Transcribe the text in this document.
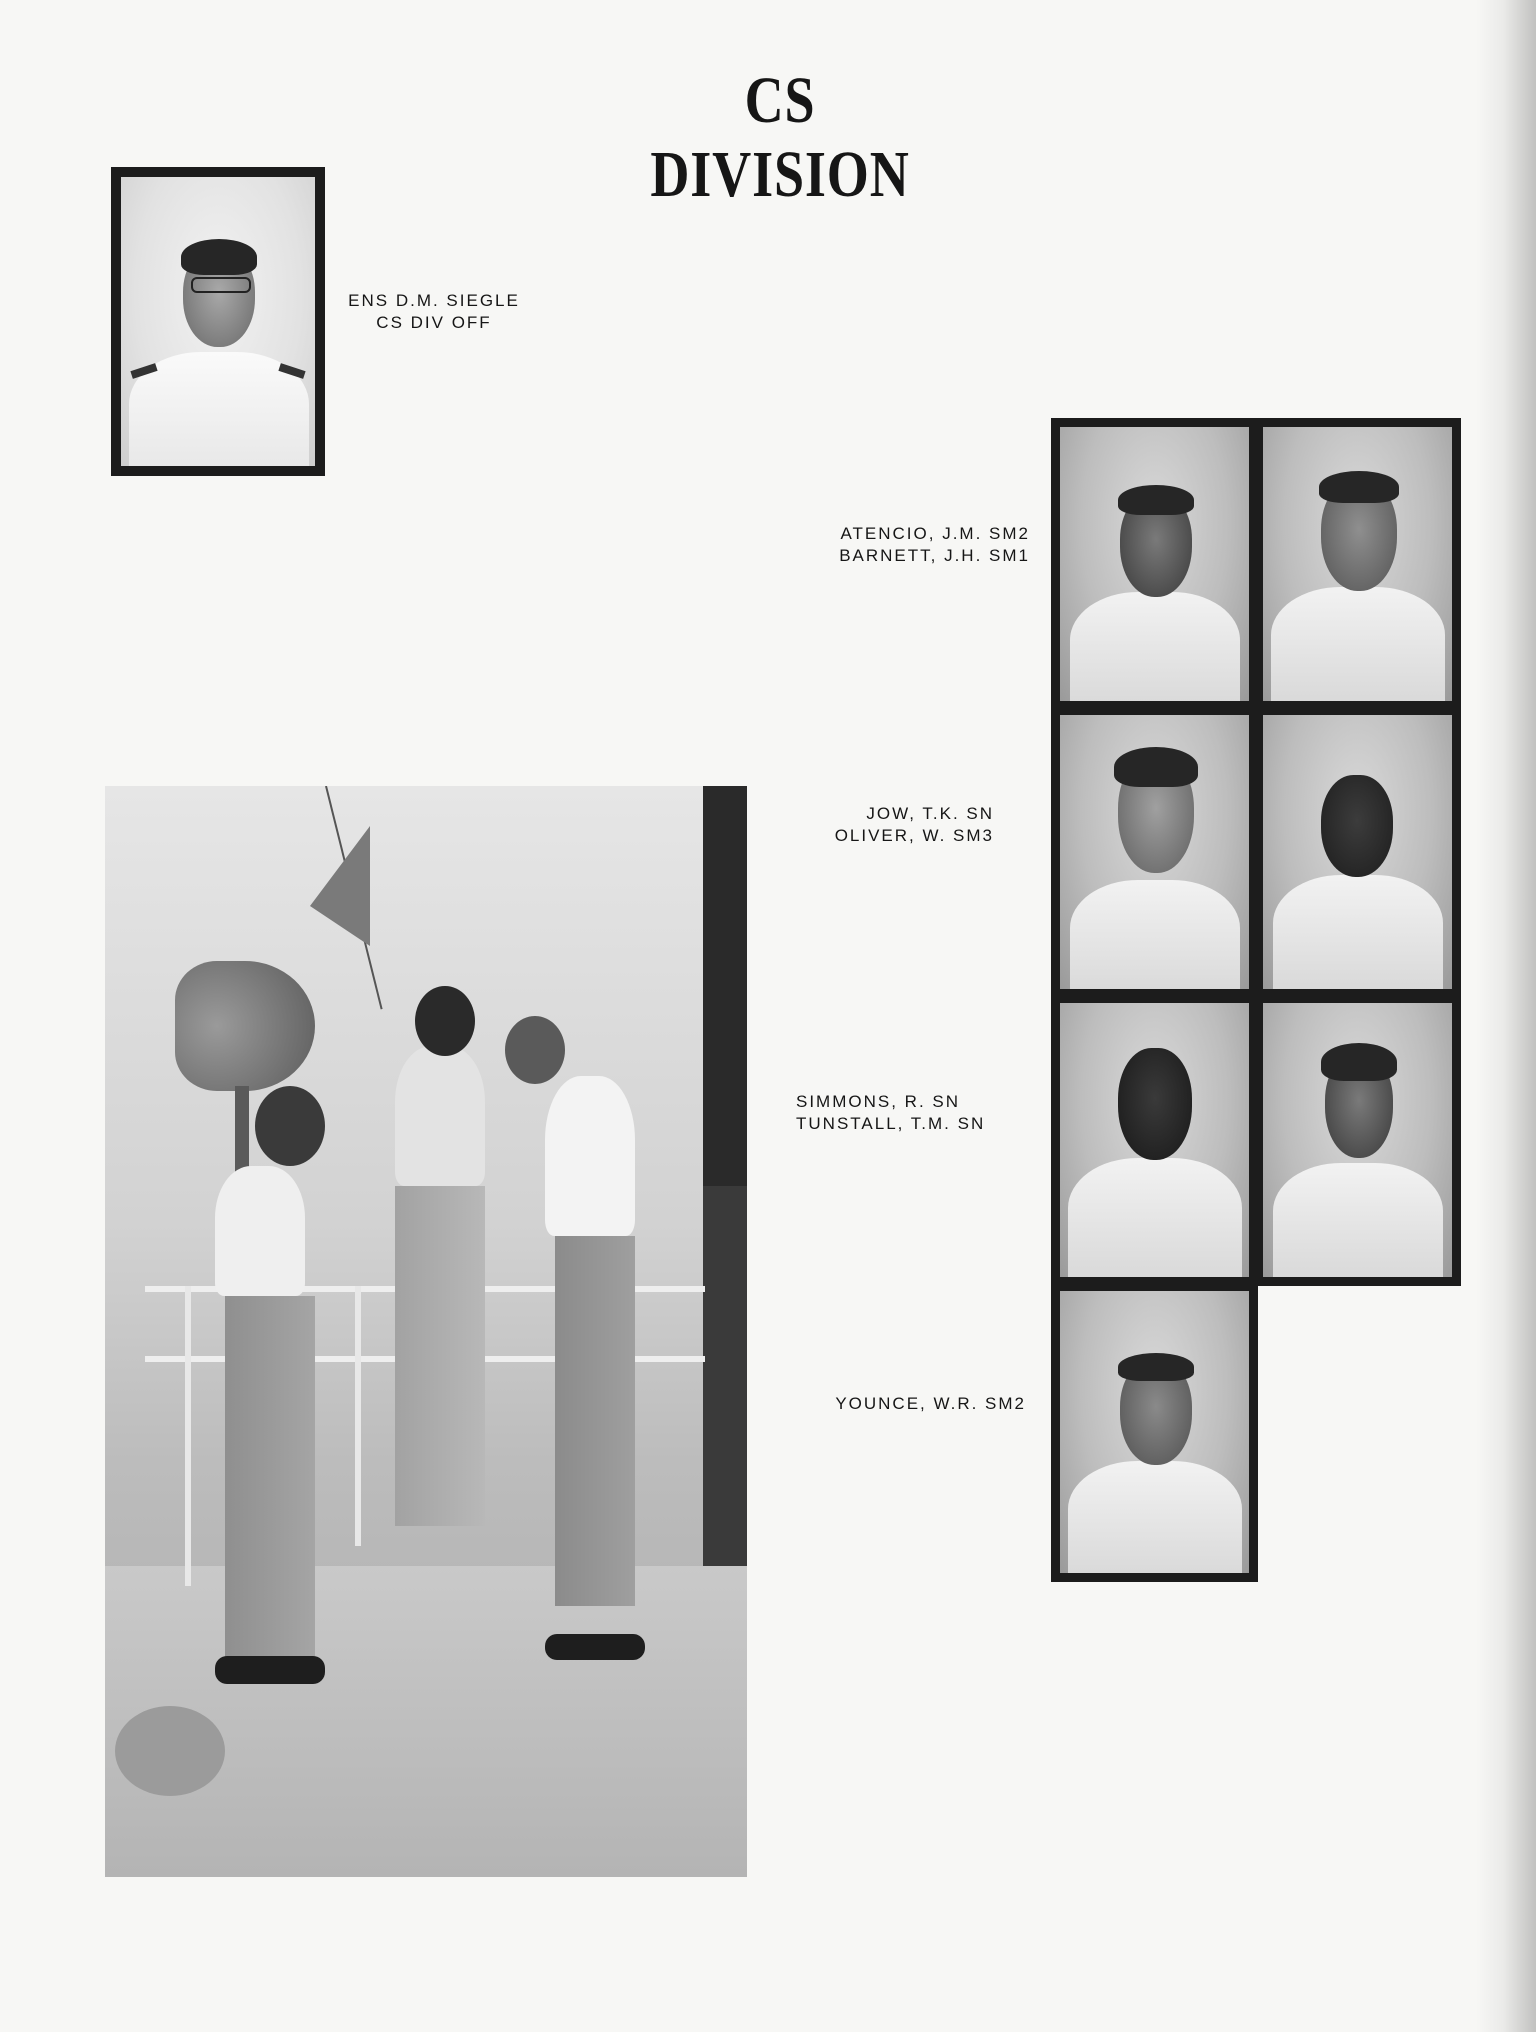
CS
DIVISION
ENS D.M. SIEGLE
CS DIV OFF
ATENCIO, J.M. SM2
BARNETT, J.H. SM1
JOW, T.K. SN
OLIVER, W. SM3
SIMMONS, R. SN
TUNSTALL, T.M. SN
YOUNCE, W.R. SM2
